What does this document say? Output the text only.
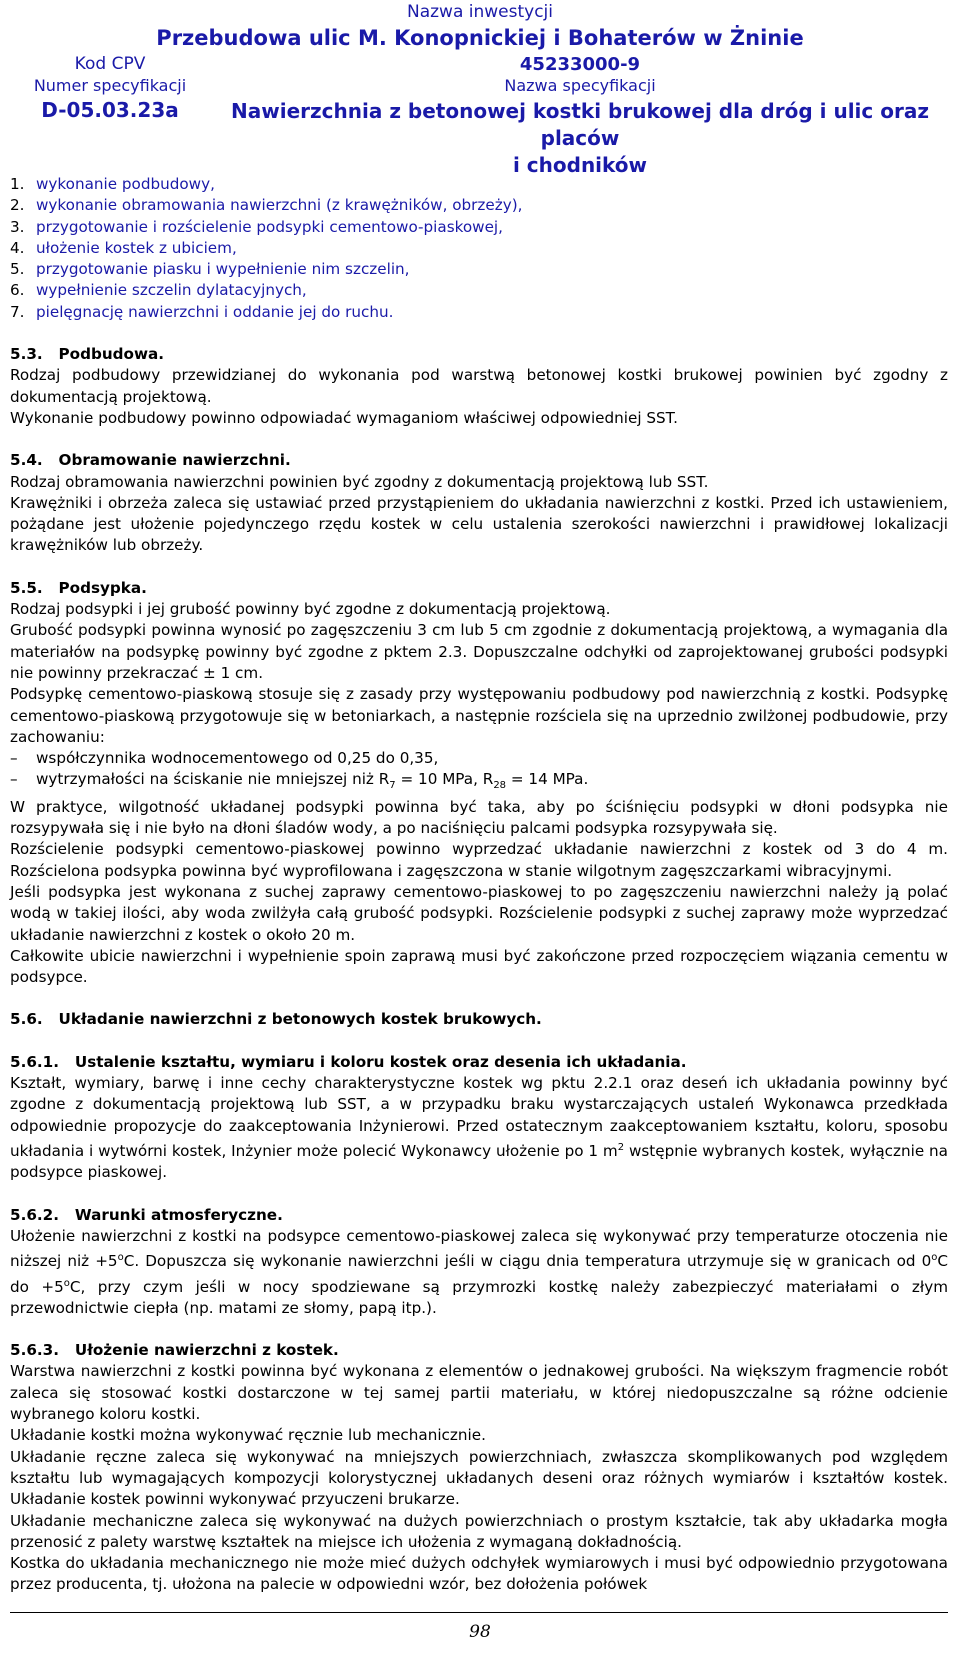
Nazwa inwestycji
Przebudowa ulic M. Konopnickiej i Bohaterów w Żninie
Kod CPV	45233000-9
Numer specyfikacji	Nazwa specyfikacji
D-05.03.23a	Nawierzchnia z betonowej kostki brukowej dla dróg i ulic oraz placów
i chodników
1. wykonanie podbudowy,
2. wykonanie obramowania nawierzchni (z krawężników, obrzeży),
3. przygotowanie i rozścielenie podsypki cementowo-piaskowej,
4. ułożenie kostek z ubiciem,
5. przygotowanie piasku i wypełnienie nim szczelin,
6. wypełnienie szczelin dylatacyjnych,
7. pielęgnację nawierzchni i oddanie jej do ruchu.

5.3.   Podbudowa.

Rodzaj podbudowy przewidzianej do wykonania pod warstwą betonowej kostki brukowej powinien być zgodny z dokumentacją projektową.

Wykonanie podbudowy powinno odpowiadać wymaganiom właściwej odpowiedniej SST.

5.4.   Obramowanie nawierzchni.

Rodzaj obramowania nawierzchni powinien być zgodny z dokumentacją projektową lub SST.

Krawężniki i obrzeża zaleca się ustawiać przed przystąpieniem do układania nawierzchni z kostki. Przed ich ustawieniem, pożądane jest ułożenie pojedynczego rzędu kostek w celu ustalenia szerokości nawierzchni i prawidłowej lokalizacji krawężników lub obrzeży.

5.5.   Podsypka.

Rodzaj podsypki i jej grubość powinny być zgodne z dokumentacją projektową.

Grubość podsypki powinna wynosić po zagęszczeniu 3 cm lub 5 cm zgodnie z dokumentacją projektową, a wymagania dla materiałów na podsypkę powinny być zgodne z pktem 2.3. Dopuszczalne odchyłki od zaprojektowanej grubości podsypki nie powinny przekraczać ± 1 cm.

Podsypkę cementowo-piaskową stosuje się z zasady przy występowaniu podbudowy pod nawierzchnią z kostki. Podsypkę cementowo-piaskową przygotowuje się w betoniarkach, a następnie rozściela się na uprzednio zwilżonej podbudowie, przy zachowaniu:

– współczynnika wodnocementowego od 0,25 do 0,35,

– wytrzymałości na ściskanie nie mniejszej niż $R_7 = 10$ MPa, $R_{28} = 14$ MPa.

W praktyce, wilgotność układanej podsypki powinna być taka, aby po ściśnięciu podsypki w dłoni podsypka nie rozsypywała się i nie było na dłoni śladów wody, a po naciśnięciu palcami podsypka rozsypywała się.

Rozścielenie podsypki cementowo-piaskowej powinno wyprzedzać układanie nawierzchni z kostek od 3 do 4 m. Rozścielona podsypka powinna być wyprofilowana i zagęszczona w stanie wilgotnym zagęszczarkami wibracyjnymi.

Jeśli podsypka jest wykonana z suchej zaprawy cementowo-piaskowej to po zagęszczeniu nawierzchni należy ją polać wodą w takiej ilości, aby woda zwilżyła całą grubość podsypki. Rozścielenie podsypki z suchej zaprawy może wyprzedzać układanie nawierzchni z kostek o około 20 m.

Całkowite ubicie nawierzchni i wypełnienie spoin zaprawą musi być zakończone przed rozpoczęciem wiązania cementu w podsypce.

5.6.   Układanie nawierzchni z betonowych kostek brukowych.

5.6.1.   Ustalenie kształtu, wymiaru i koloru kostek oraz desenia ich układania.

Kształt, wymiary, barwę i inne cechy charakterystyczne kostek wg pktu 2.2.1 oraz deseń ich układania powinny być zgodne z dokumentacją projektową lub SST, a w przypadku braku wystarczających ustaleń Wykonawca przedkłada odpowiednie propozycje do zaakceptowania Inżynierowi. Przed ostatecznym zaakceptowaniem kształtu, koloru, sposobu układania i wytwórni kostek, Inżynier może polecić Wykonawcy ułożenie po 1 $m^2$ wstępnie wybranych kostek, wyłącznie na podsypce piaskowej.

5.6.2.   Warunki atmosferyczne.

Ułożenie nawierzchni z kostki na podsypce cementowo-piaskowej zaleca się wykonywać przy temperaturze otoczenia nie niższej niż $+5^oC$. Dopuszcza się wykonanie nawierzchni jeśli w ciągu dnia temperatura utrzymuje się w granicach od 0$^o$C do $+5^oC$, przy czym jeśli w nocy spodziewane są przymrozki kostkę należy zabezpieczyć materiałami o złym przewodnictwie ciepła (np. matami ze słomy, papą itp.).

5.6.3.   Ułożenie nawierzchni z kostek.

Warstwa nawierzchni z kostki powinna być wykonana z elementów o jednakowej grubości. Na większym fragmencie robót zaleca się stosować kostki dostarczone w tej samej partii materiału, w której niedopuszczalne są różne odcienie wybranego koloru kostki.

Układanie kostki można wykonywać ręcznie lub mechanicznie.

Układanie ręczne zaleca się wykonywać na mniejszych powierzchniach, zwłaszcza skomplikowanych pod względem kształtu lub wymagających kompozycji kolorystycznej układanych deseni oraz różnych wymiarów i kształtów kostek. Układanie kostek powinni wykonywać przyuczeni brukarze.

Układanie mechaniczne zaleca się wykonywać na dużych powierzchniach o prostym kształcie, tak aby układarka mogła przenosić z palety warstwę kształtek na miejsce ich ułożenia z wymaganą dokładnością.

Kostka do układania mechanicznego nie może mieć dużych odchyłek wymiarowych i musi być odpowiednio przygotowana przez producenta, tj. ułożona na palecie w odpowiedni wzór, bez dołożenia połówek

98
